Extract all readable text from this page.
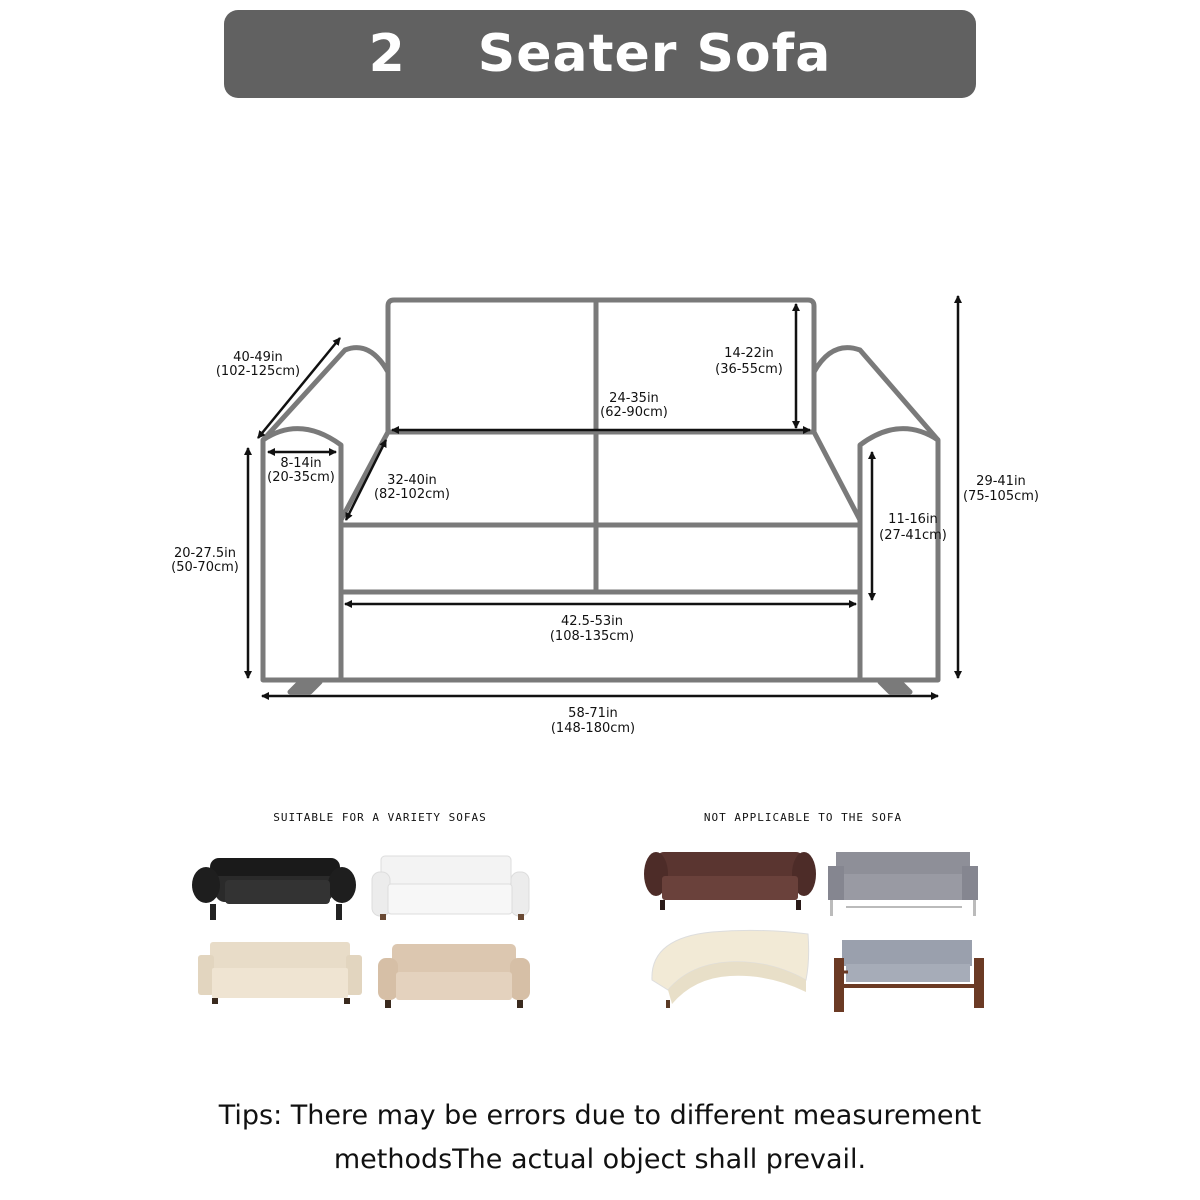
2 Seater Sofa
40-49in
(102-125cm)
8-14in
(20-35cm)
20-27.5in
(50-70cm)
32-40in
(82-102cm)
24-35in
(62-90cm)
14-22in
(36-55cm)
11-16in
(27-41cm)
29-41in
(75-105cm)
42.5-53in
(108-135cm)
58-71in
(148-180cm)
SUITABLE FOR A VARIETY SOFAS	NOT APPLICABLE TO THE SOFA
Tips: There may be errors due to different measurement
methodsThe actual object shall prevail.
